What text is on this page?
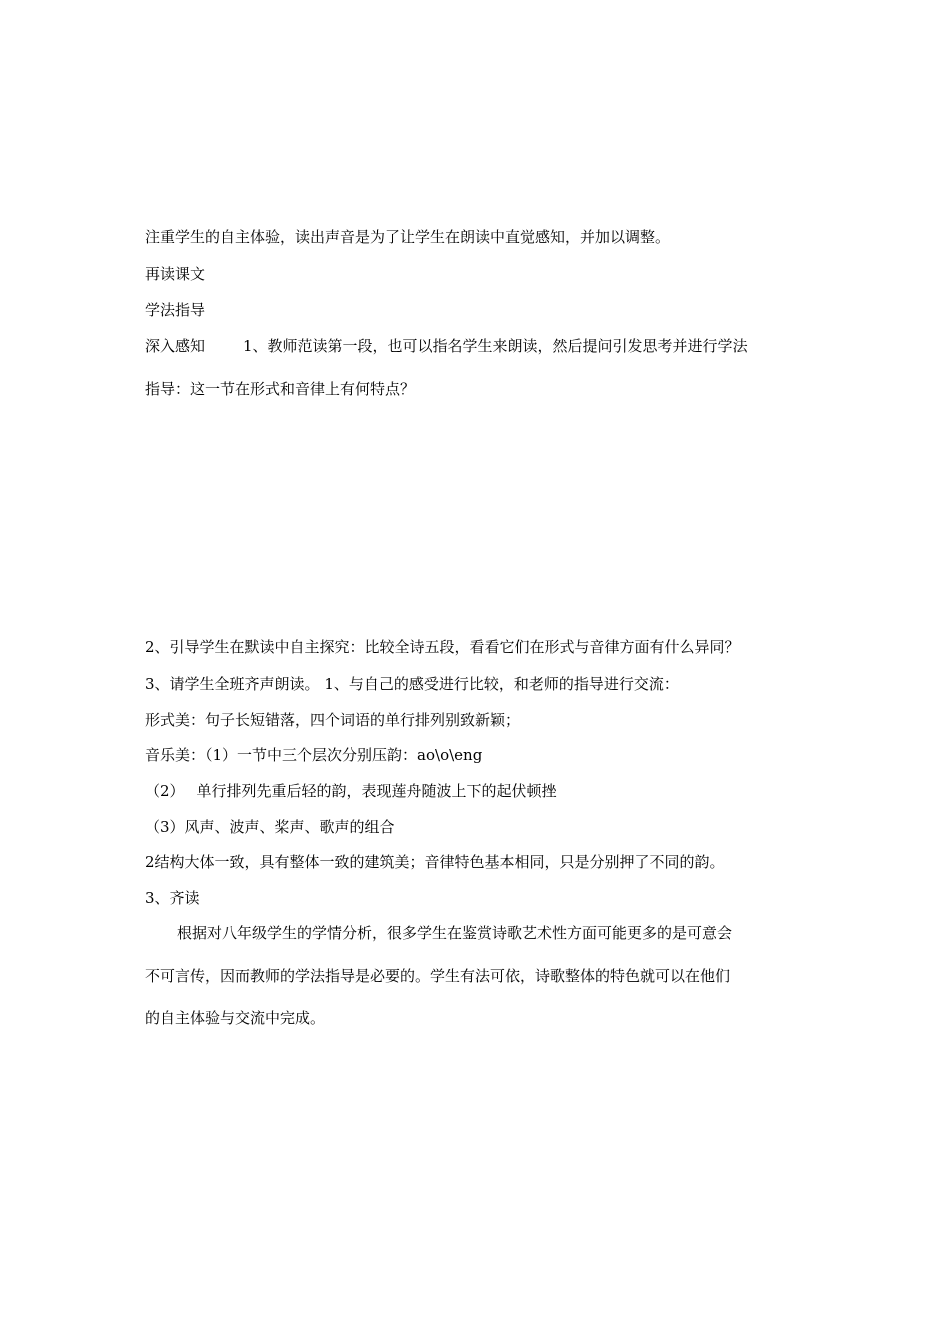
注重学生的自主体验，读出声音是为了让学生在朗读中直觉感知，并加以调整。

再读课文

学法指导

深入感知	1、教师范读第一段，也可以指名学生来朗读，然后提问引发思考并进行学法

指导：这一节在形式和音律上有何特点？

2、引导学生在默读中自主探究：比较全诗五段，看看它们在形式与音律方面有什么异同？

3、请学生全班齐声朗读。 1、与自己的感受进行比较，和老师的指导进行交流：

形式美：句子长短错落，四个词语的单行排列别致新颖；

音乐美：（1）一节中三个层次分别压韵：ao\o\eng

（2） 单行排列先重后轻的韵，表现莲舟随波上下的起伏顿挫

（3）风声、波声、桨声、歌声的组合

2结构大体一致，具有整体一致的建筑美；音律特色基本相同，只是分别押了不同的韵。

3、齐读

根据对八年级学生的学情分析，很多学生在鉴赏诗歌艺术性方面可能更多的是可意会

不可言传，因而教师的学法指导是必要的。学生有法可依，诗歌整体的特色就可以在他们

的自主体验与交流中完成。
